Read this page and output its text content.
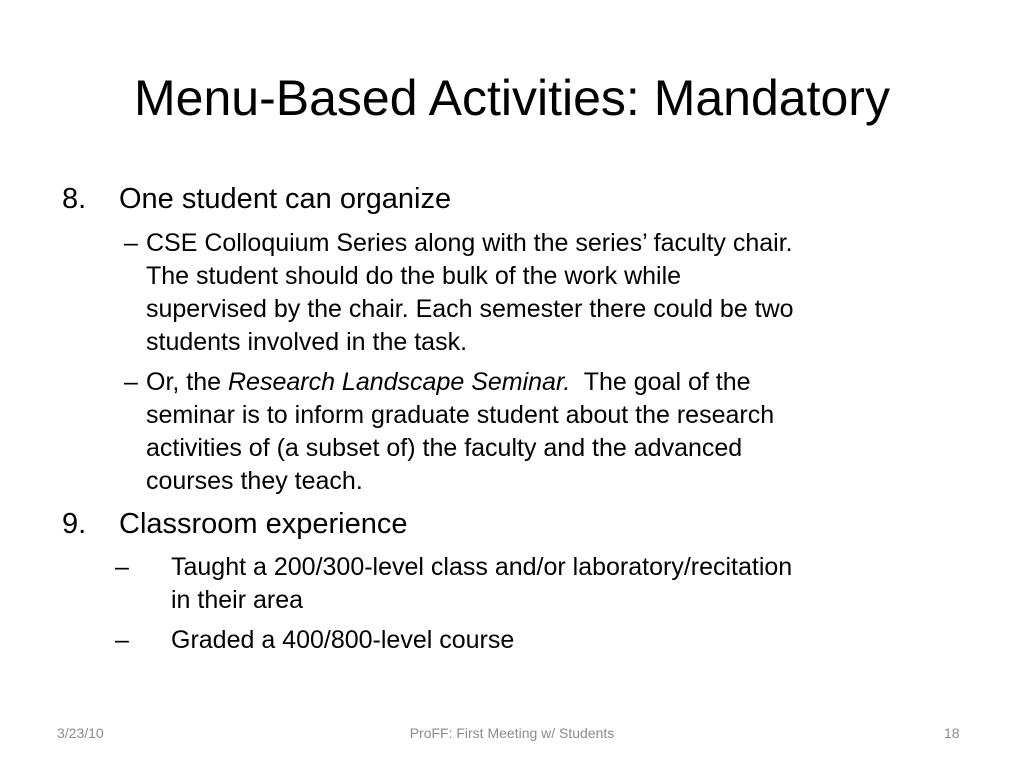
Menu-Based Activities: Mandatory
8. One student can organize
– CSE Colloquium Series along with the series’ faculty chair.
The student should do the bulk of the work while
supervised by the chair. Each semester there could be two
students involved in the task.
– Or, the Research Landscape Seminar.  The goal of the
seminar is to inform graduate student about the research
activities of (a subset of) the faculty and the advanced
courses they teach.
9. Classroom experience
– Taught a 200/300-level class and/or laboratory/recitation
in their area
– Graded a 400/800-level course
3/23/10	ProFF: First Meeting w/ Students	18
